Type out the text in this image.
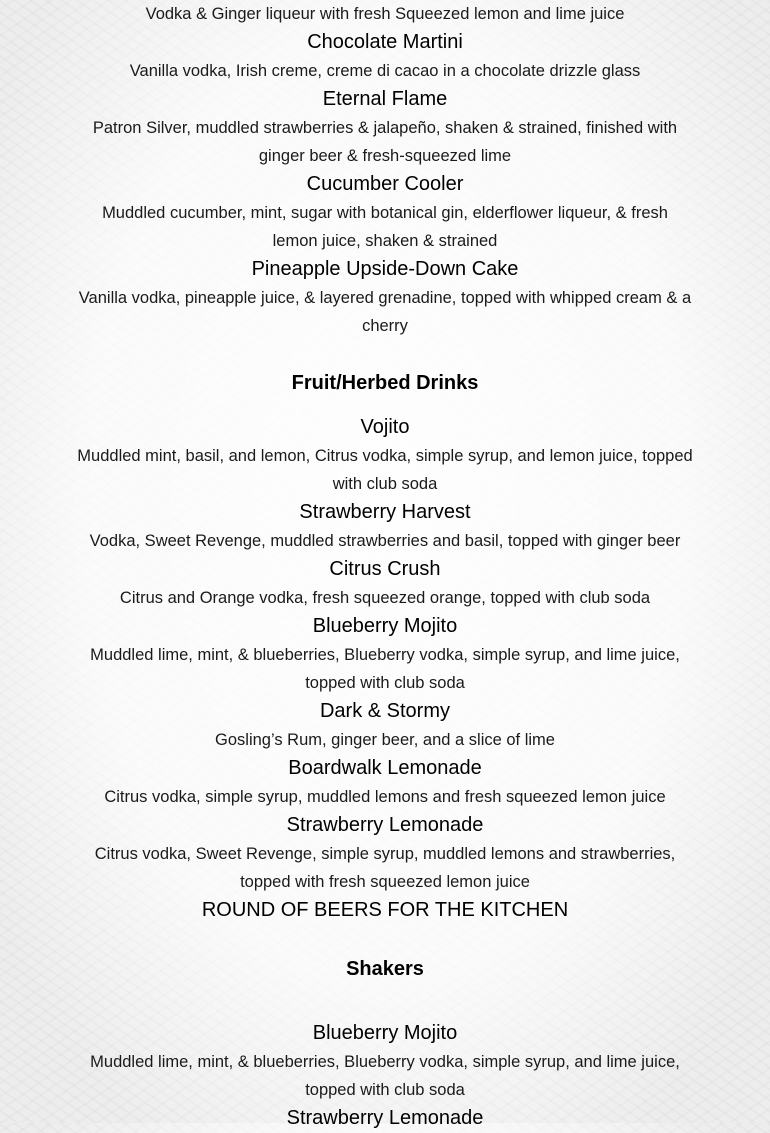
Vodka & Ginger liqueur with fresh Squeezed lemon and lime juice

Chocolate Martini

Vanilla vodka, Irish creme, creme di cacao in a chocolate drizzle glass

Eternal Flame

Patron Silver, muddled strawberries & jalapeño, shaken & strained, finished with ginger beer & fresh-squeezed lime

Cucumber Cooler

Muddled cucumber, mint, sugar with botanical gin, elderflower liqueur, & fresh lemon juice, shaken & strained

Pineapple Upside-Down Cake

Vanilla vodka, pineapple juice, & layered grenadine, topped with whipped cream & a cherry

Fruit/Herbed Drinks
Vojito

Muddled mint, basil, and lemon, Citrus vodka, simple syrup, and lemon juice, topped with club soda

Strawberry Harvest

Vodka, Sweet Revenge, muddled strawberries and basil, topped with ginger beer

Citrus Crush

Citrus and Orange vodka, fresh squeezed orange, topped with club soda

Blueberry Mojito

Muddled lime, mint, & blueberries, Blueberry vodka, simple syrup, and lime juice, topped with club soda

Dark & Stormy

Gosling’s Rum, ginger beer, and a slice of lime

Boardwalk Lemonade

Citrus vodka, simple syrup, muddled lemons and fresh squeezed lemon juice

Strawberry Lemonade

Citrus vodka, Sweet Revenge, simple syrup, muddled lemons and strawberries, topped with fresh squeezed lemon juice

ROUND OF BEERS FOR THE KITCHEN

Shakers
Blueberry Mojito

Muddled lime, mint, & blueberries, Blueberry vodka, simple syrup, and lime juice, topped with club soda

Strawberry Lemonade
